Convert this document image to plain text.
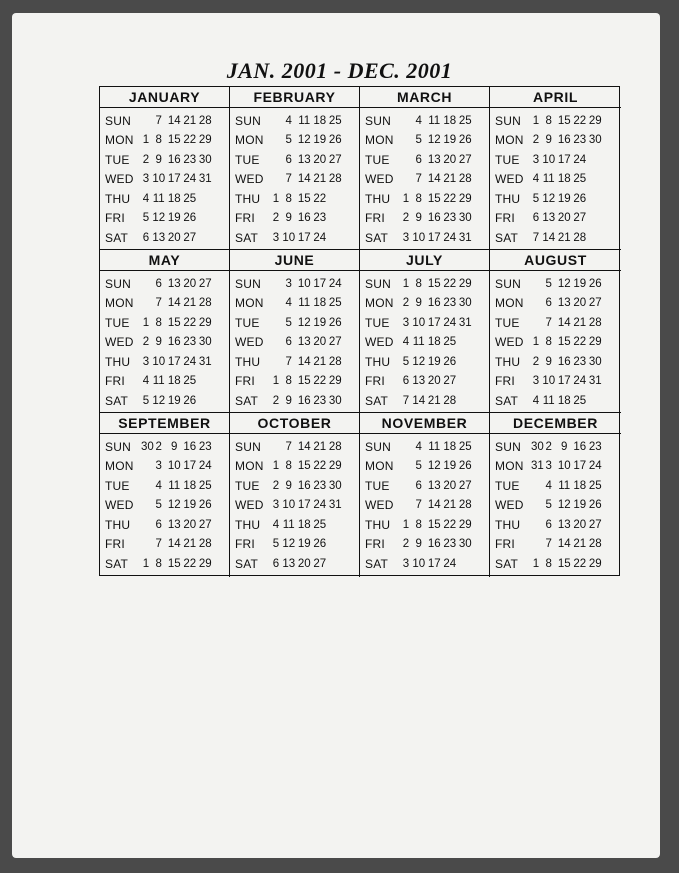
JAN. 2001 - DEC. 2001
JANUARY
SUN	7 14 21 28
MON 1 8 15 22 29
TUE	2 9 16 23 30
WED 3 10 17 24 31
THU	4 11 18 25
FRI	5 12 19 26
SAT	6 13 20 27
FEBRUARY
SUN	4 11 18 25
MON	5 12 19 26
TUE	6 13 20 27
WED	7 14 21 28
THU	1 8 15 22
FRI	2 9 16 23
SAT	3 10 17 24
MARCH
SUN	4 11 18 25
MON	5 12 19 26
TUE	6 13 20 27
WED	7 14 21 28
THU	1 8 15 22 29
FRI	2 9 16 23 30
SAT	3 10 17 24 31
APRIL
SUN	1 8 15 22 29
MON 2 9 16 23 30
TUE	3 10 17 24
WED 4 11 18 25
THU	5 12 19 26
FRI	6 13 20 27
SAT	7 14 21 28
MAY
SUN	6 13 20 27
MON	7 14 21 28
TUE	1 8 15 22 29
WED 2 9 16 23 30
THU	3 10 17 24 31
FRI	4 11 18 25
SAT	5 12 19 26
JUNE
SUN	3 10 17 24
MON	4 11 18 25
TUE	5 12 19 26
WED	6 13 20 27
THU	7 14 21 28
FRI	1 8 15 22 29
SAT	2 9 16 23 30
JULY
SUN	1 8 15 22 29
MON 2 9 16 23 30
TUE	3 10 17 24 31
WED 4 11 18 25
THU	5 12 19 26
FRI	6 13 20 27
SAT	7 14 21 28
AUGUST
SUN	5 12 19 26
MON	6 13 20 27
TUE	7 14 21 28
WED 1 8 15 22 29
THU	2 9 16 23 30
FRI	3 10 17 24 31
SAT	4 11 18 25
SEPTEMBER
SUN 30 2 9 16 23
MON	3 10 17 24
TUE	4 11 18 25
WED	5 12 19 26
THU	6 13 20 27
FRI	7 14 21 28
SAT	1 8 15 22 29
OCTOBER
SUN	7 14 21 28
MON 1 8 15 22 29
TUE	2 9 16 23 30
WED 3 10 17 24 31
THU	4 11 18 25
FRI	5 12 19 26
SAT	6 13 20 27
NOVEMBER
SUN	4 11 18 25
MON	5 12 19 26
TUE	6 13 20 27
WED	7 14 21 28
THU	1 8 15 22 29
FRI	2 9 16 23 30
SAT	3 10 17 24
DECEMBER
SUN 30 2 9 16 23
MON 31 3 10 17 24
TUE	4 11 18 25
WED	5 12 19 26
THU	6 13 20 27
FRI	7 14 21 28
SAT	1 8 15 22 29
